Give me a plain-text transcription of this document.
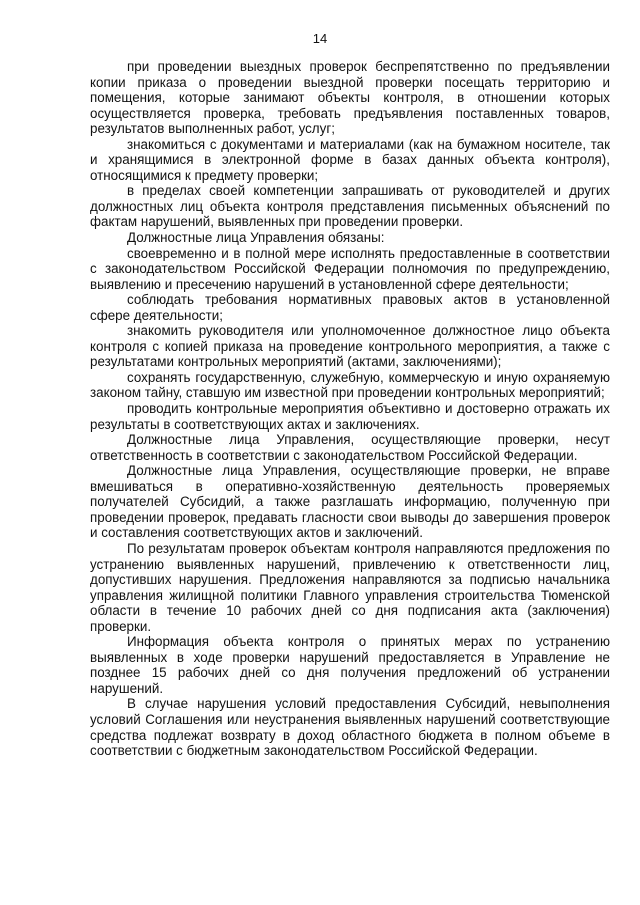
14

при проведении выездных проверок беспрепятственно по предъявлении копии приказа о проведении выездной проверки посещать территорию и помещения, которые занимают объекты контроля, в отношении которых осуществляется проверка, требовать предъявления поставленных товаров, результатов выполненных работ, услуг;

знакомиться с документами и материалами (как на бумажном носителе, так и хранящимися в электронной форме в базах данных объекта контроля), относящимися к предмету проверки;

в пределах своей компетенции запрашивать от руководителей и других должностных лиц объекта контроля представления письменных объяснений по фактам нарушений, выявленных при проведении проверки.

Должностные лица Управления обязаны:

своевременно и в полной мере исполнять предоставленные в соответствии с законодательством Российской Федерации полномочия по предупреждению, выявлению и пресечению нарушений в установленной сфере деятельности;

соблюдать требования нормативных правовых актов в установленной сфере деятельности;

знакомить руководителя или уполномоченное должностное лицо объекта контроля с копией приказа на проведение контрольного мероприятия, а также с результатами контрольных мероприятий (актами, заключениями);

сохранять государственную, служебную, коммерческую и иную охраняемую законом тайну, ставшую им известной при проведении контрольных мероприятий;

проводить контрольные мероприятия объективно и достоверно отражать их результаты в соответствующих актах и заключениях.

Должностные лица Управления, осуществляющие проверки, несут ответственность в соответствии с законодательством Российской Федерации.

Должностные лица Управления, осуществляющие проверки, не вправе вмешиваться в оперативно-хозяйственную деятельность проверяемых получателей Субсидий, а также разглашать информацию, полученную при проведении проверок, предавать гласности свои выводы до завершения проверок и составления соответствующих актов и заключений.

По результатам проверок объектам контроля направляются предложения по устранению выявленных нарушений, привлечению к ответственности лиц, допустивших нарушения. Предложения направляются за подписью начальника управления жилищной политики Главного управления строительства Тюменской области в течение 10 рабочих дней со дня подписания акта (заключения) проверки.

Информация объекта контроля о принятых мерах по устранению выявленных в ходе проверки нарушений предоставляется в Управление не позднее 15 рабочих дней со дня получения предложений об устранении нарушений.

В случае нарушения условий предоставления Субсидий, невыполнения условий Соглашения или неустранения выявленных нарушений соответствующие средства подлежат возврату в доход областного бюджета в полном объеме в соответствии с бюджетным законодательством Российской Федерации.
